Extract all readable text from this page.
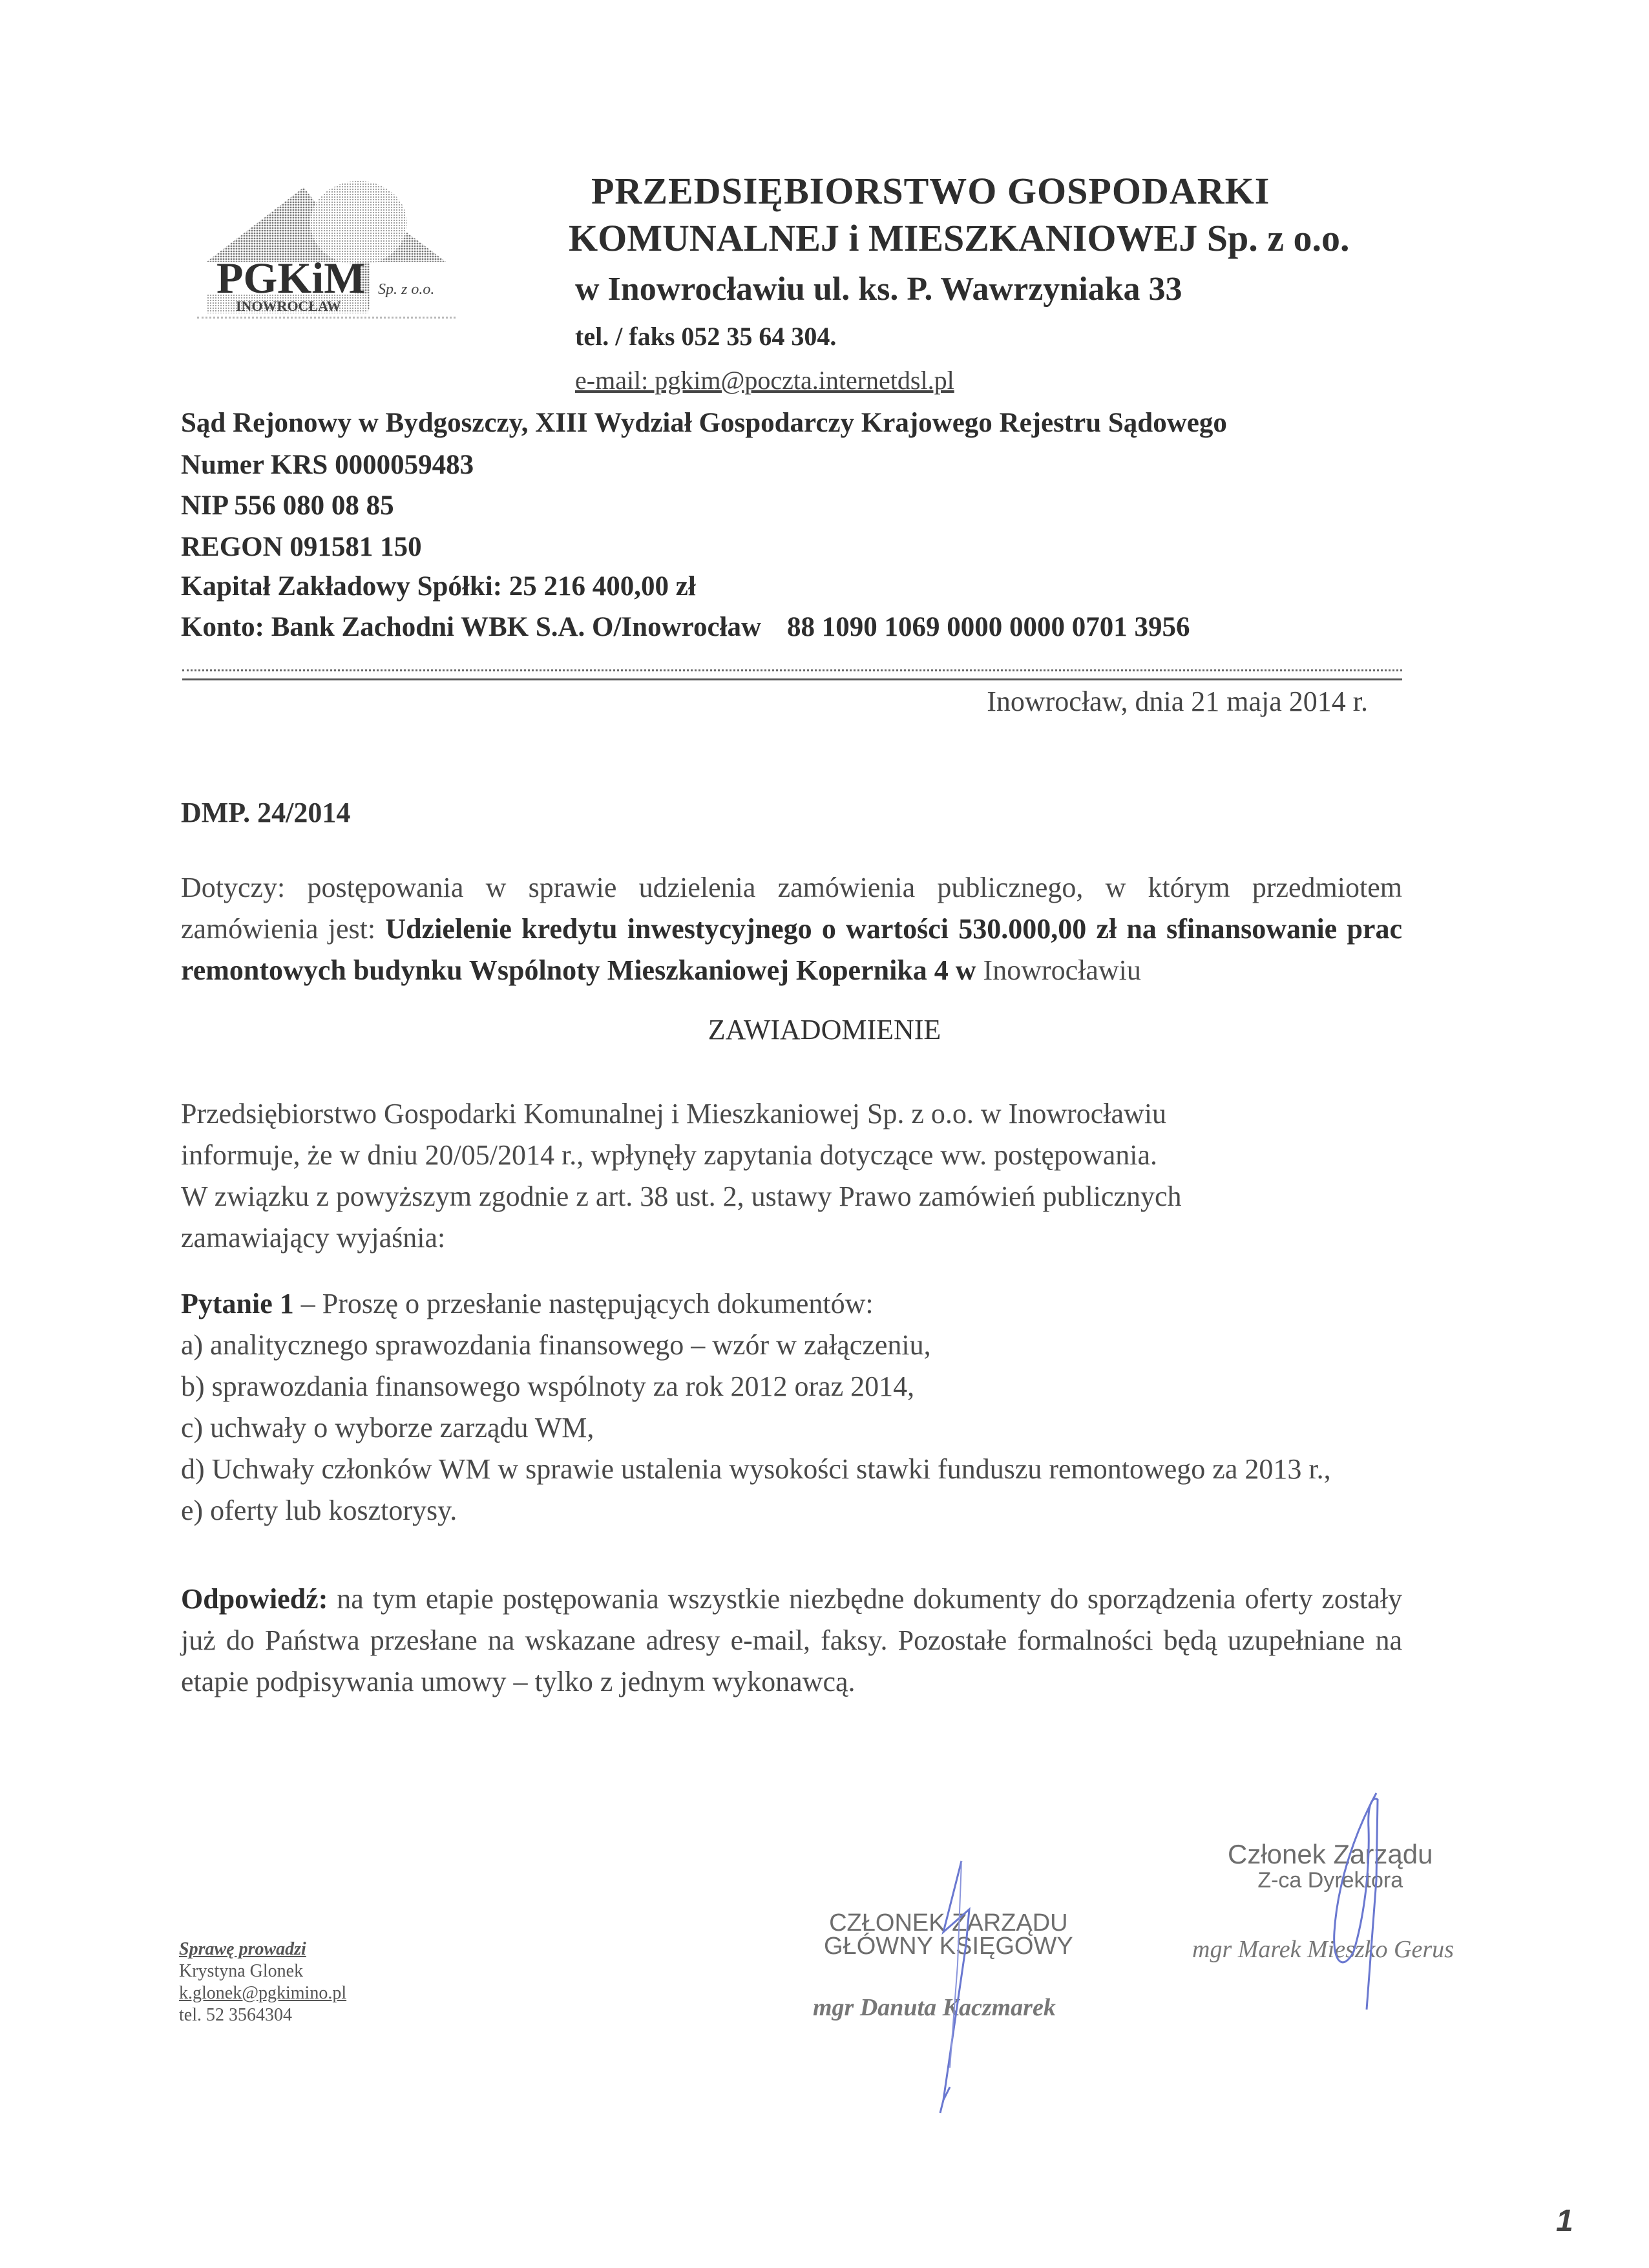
PGKiM
INOWROCŁAW
Sp. z o.o.
PRZEDSIĘBIORSTWO GOSPODARKI
KOMUNALNEJ i MIESZKANIOWEJ Sp. z o.o.
w Inowrocławiu ul. ks. P. Wawrzyniaka 33
tel. / faks 052 35 64 304.
e-mail: pgkim@poczta.internetdsl.pl
Sąd Rejonowy w Bydgoszczy, XIII Wydział Gospodarczy Krajowego Rejestru Sądowego
Numer KRS 0000059483
NIP 556 080 08 85
REGON 091581 150
Kapitał Zakładowy Spółki: 25 216 400,00 zł
Konto: Bank Zachodni WBK S.A. O/Inowrocław 88 1090 1069 0000 0000 0701 3956
Inowrocław, dnia 21 maja 2014 r.
DMP. 24/2014
Dotyczy: postępowania w sprawie udzielenia zamówienia publicznego, w którym przedmiotem zamówienia jest: Udzielenie kredytu inwestycyjnego o wartości 530.000,00 zł na sfinansowanie prac remontowych budynku Wspólnoty Mieszkaniowej Kopernika 4 w Inowrocławiu
ZAWIADOMIENIE
Przedsiębiorstwo Gospodarki Komunalnej i Mieszkaniowej Sp. z o.o. w Inowrocławiu
informuje, że w dniu 20/05/2014 r., wpłynęły zapytania dotyczące ww. postępowania.
W związku z powyższym zgodnie z art. 38 ust. 2, ustawy Prawo zamówień publicznych
zamawiający wyjaśnia:
Pytanie 1 – Proszę o przesłanie następujących dokumentów:
a) analitycznego sprawozdania finansowego – wzór w załączeniu,
b) sprawozdania finansowego wspólnoty za rok 2012 oraz 2014,
c) uchwały o wyborze zarządu WM,
d) Uchwały członków WM w sprawie ustalenia wysokości stawki funduszu remontowego za 2013 r.,
e) oferty lub kosztorysy.
Odpowiedź: na tym etapie postępowania wszystkie niezbędne dokumenty do sporządzenia oferty zostały już do Państwa przesłane na wskazane adresy e-mail, faksy. Pozostałe formalności będą uzupełniane na etapie podpisywania umowy – tylko z jednym wykonawcą.
Sprawę prowadzi
Krystyna Glonek
k.glonek@pgkimino.pl
tel. 52 3564304
CZŁONEK ZARZĄDU
GŁÓWNY KSIĘGOWY
mgr Danuta Kaczmarek
Członek Zarządu
Z-ca Dyrektora
mgr Marek Mieszko Gerus
1
